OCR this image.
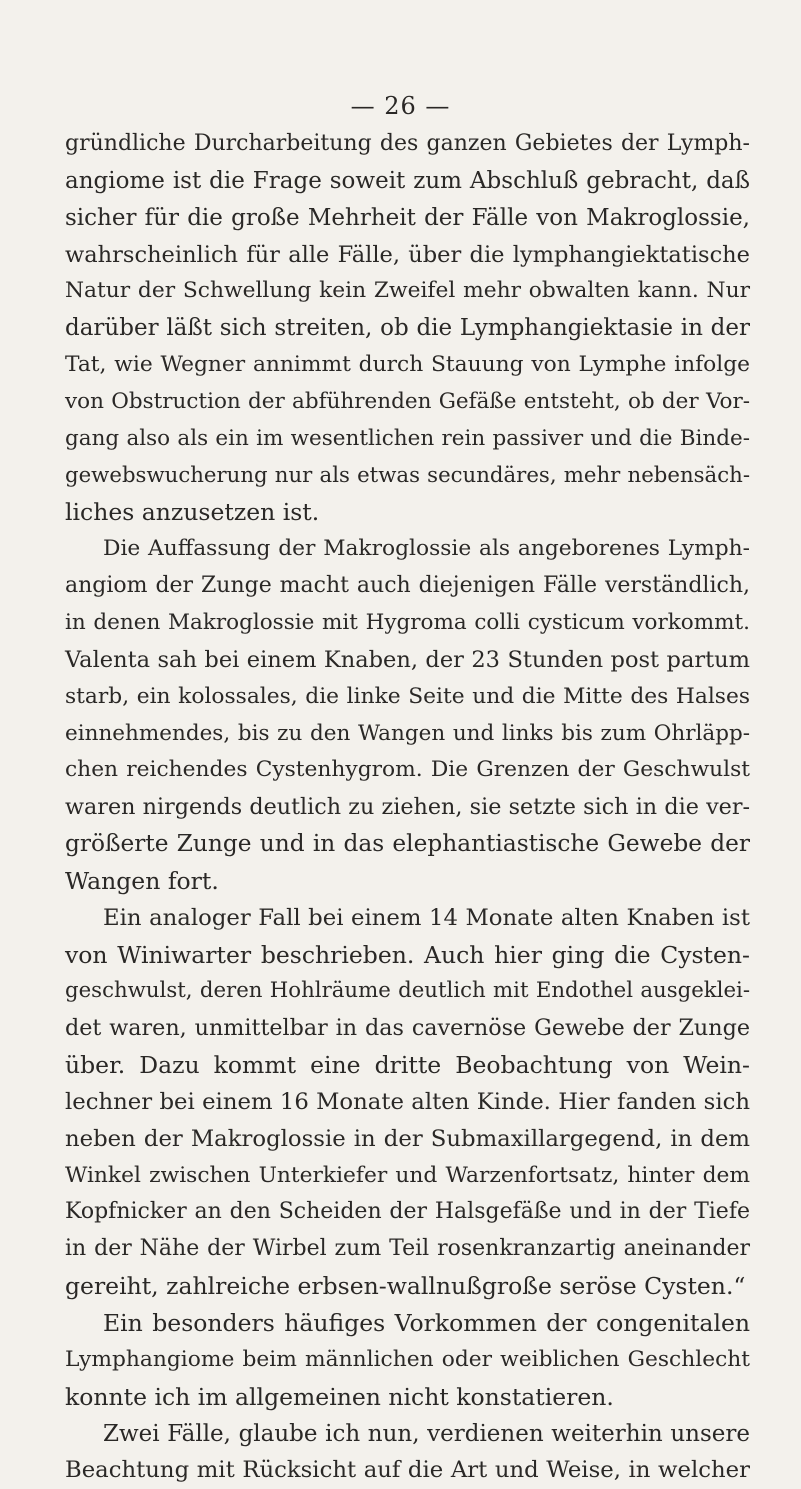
— 26 —
gründliche Durcharbeitung des ganzen Gebietes der Lymph-
angiome ist die Frage soweit zum Abschluß gebracht, daß
sicher für die große Mehrheit der Fälle von Makroglossie,
wahrscheinlich für alle Fälle, über die lymphangiektatische
Natur der Schwellung kein Zweifel mehr obwalten kann. Nur
darüber läßt sich streiten, ob die Lymphangiektasie in der
Tat, wie Wegner annimmt durch Stauung von Lymphe infolge
von Obstruction der abführenden Gefäße entsteht, ob der Vor-
gang also als ein im wesentlichen rein passiver und die Binde-
gewebswucherung nur als etwas secundäres, mehr nebensäch-
liches anzusetzen ist.
Die Auffassung der Makroglossie als angeborenes Lymph-
angiom der Zunge macht auch diejenigen Fälle verständlich,
in denen Makroglossie mit Hygroma colli cysticum vorkommt.
Valenta sah bei einem Knaben, der 23 Stunden post partum
starb, ein kolossales, die linke Seite und die Mitte des Halses
einnehmendes, bis zu den Wangen und links bis zum Ohrläpp-
chen reichendes Cystenhygrom. Die Grenzen der Geschwulst
waren nirgends deutlich zu ziehen, sie setzte sich in die ver-
größerte Zunge und in das elephantiastische Gewebe der
Wangen fort.
Ein analoger Fall bei einem 14 Monate alten Knaben ist
von Winiwarter beschrieben. Auch hier ging die Cysten-
geschwulst, deren Hohlräume deutlich mit Endothel ausgeklei-
det waren, unmittelbar in das cavernöse Gewebe der Zunge
über. Dazu kommt eine dritte Beobachtung von Wein-
lechner bei einem 16 Monate alten Kinde. Hier fanden sich
neben der Makroglossie in der Submaxillargegend, in dem
Winkel zwischen Unterkiefer und Warzenfortsatz, hinter dem
Kopfnicker an den Scheiden der Halsgefäße und in der Tiefe
in der Nähe der Wirbel zum Teil rosenkranzartig aneinander
gereiht, zahlreiche erbsen-wallnußgroße seröse Cysten.“
Ein besonders häufiges Vorkommen der congenitalen
Lymphangiome beim männlichen oder weiblichen Geschlecht
konnte ich im allgemeinen nicht konstatieren.
Zwei Fälle, glaube ich nun, verdienen weiterhin unsere
Beachtung mit Rücksicht auf die Art und Weise, in welcher
